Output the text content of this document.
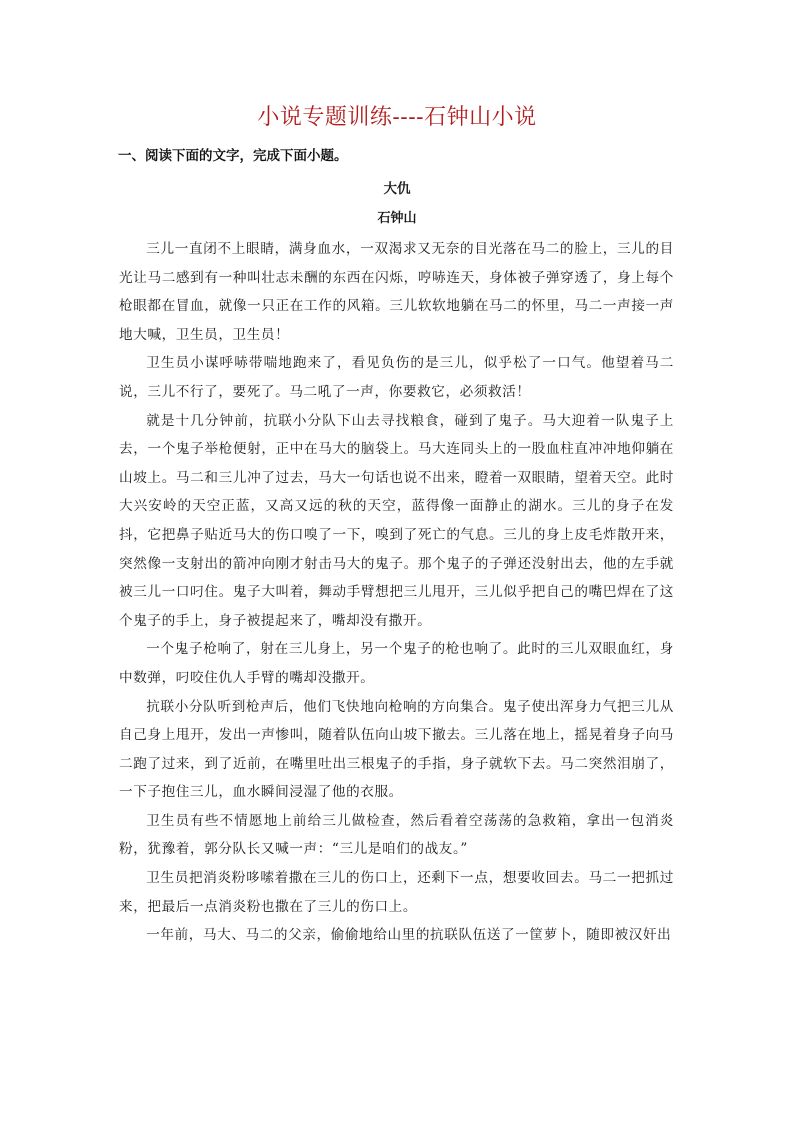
小说专题训练----石钟山小说
一、阅读下面的文字，完成下面小题。
大仇
石钟山

三儿一直闭不上眼睛，满身血水，一双渴求又无奈的目光落在马二的脸上，三儿的目光让马二感到有一种叫壮志未酬的东西在闪烁，哼哧连天，身体被子弹穿透了，身上每个枪眼都在冒血，就像一只正在工作的风箱。三儿软软地躺在马二的怀里，马二一声接一声地大喊，卫生员，卫生员！

卫生员小谋呼哧带喘地跑来了，看见负伤的是三儿，似乎松了一口气。他望着马二说，三儿不行了，要死了。马二吼了一声，你要救它，必须救活！

就是十几分钟前，抗联小分队下山去寻找粮食，碰到了鬼子。马大迎着一队鬼子上去，一个鬼子举枪便射，正中在马大的脑袋上。马大连同头上的一股血柱直冲冲地仰躺在山坡上。马二和三儿冲了过去，马大一句话也说不出来，瞪着一双眼睛，望着天空。此时大兴安岭的天空正蓝，又高又远的秋的天空，蓝得像一面静止的湖水。三儿的身子在发抖，它把鼻子贴近马大的伤口嗅了一下，嗅到了死亡的气息。三儿的身上皮毛炸散开来，突然像一支射出的箭冲向刚才射击马大的鬼子。那个鬼子的子弹还没射出去，他的左手就被三儿一口叼住。鬼子大叫着，舞动手臂想把三儿甩开，三儿似乎把自己的嘴巴焊在了这个鬼子的手上，身子被提起来了，嘴却没有撒开。

一个鬼子枪响了，射在三儿身上，另一个鬼子的枪也响了。此时的三儿双眼血红，身中数弹，叼咬住仇人手臂的嘴却没撒开。

抗联小分队听到枪声后，他们飞快地向枪响的方向集合。鬼子使出浑身力气把三儿从自己身上甩开，发出一声惨叫，随着队伍向山坡下撤去。三儿落在地上，摇晃着身子向马二跑了过来，到了近前，在嘴里吐出三根鬼子的手指，身子就软下去。马二突然泪崩了，一下子抱住三儿，血水瞬间浸湿了他的衣服。

卫生员有些不情愿地上前给三儿做检查，然后看着空荡荡的急救箱，拿出一包消炎粉，犹豫着，郭分队长又喊一声：“三儿是咱们的战友。”

卫生员把消炎粉哆嗦着撒在三儿的伤口上，还剩下一点，想要收回去。马二一把抓过来，把最后一点消炎粉也撒在了三儿的伤口上。

一年前，马大、马二的父亲，偷偷地给山里的抗联队伍送了一筐萝卜，随即被汉奸出
